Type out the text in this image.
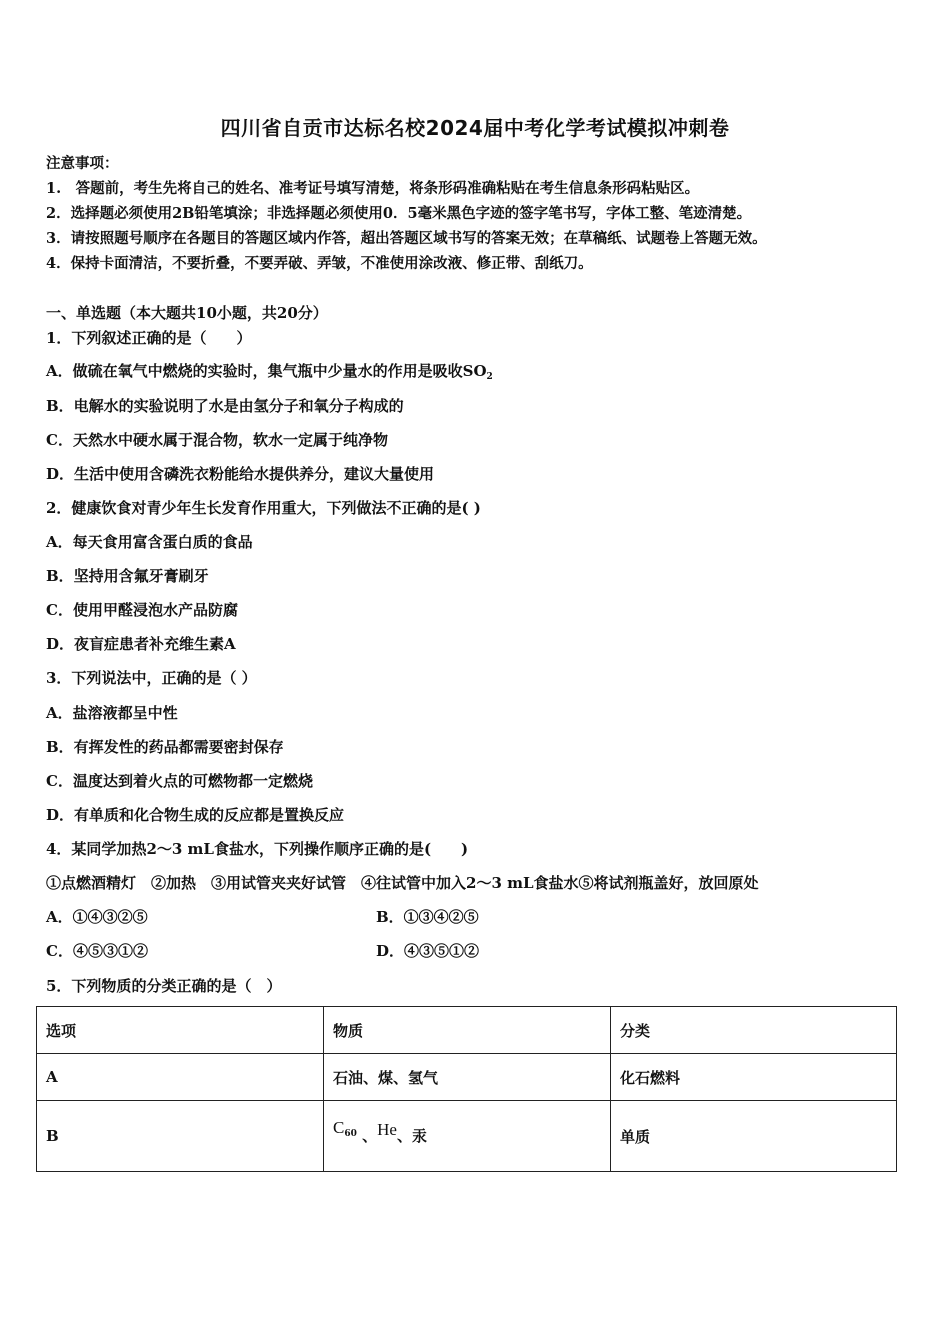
四川省自贡市达标名校2024届中考化学考试模拟冲刺卷
注意事项：
1.　答题前，考生先将自己的姓名、准考证号填写清楚，将条形码准确粘贴在考生信息条形码粘贴区。
2．选择题必须使用2B铅笔填涂；非选择题必须使用0．5毫米黑色字迹的签字笔书写，字体工整、笔迹清楚。
3．请按照题号顺序在各题目的答题区域内作答，超出答题区域书写的答案无效；在草稿纸、试题卷上答题无效。
4．保持卡面清洁，不要折叠，不要弄破、弄皱，不准使用涂改液、修正带、刮纸刀。
一、单选题（本大题共10小题，共20分）
1．下列叙述正确的是（　　）
A．做硫在氧气中燃烧的实验时，集气瓶中少量水的作用是吸收$SO_2$
B．电解水的实验说明了水是由氢分子和氧分子构成的
C．天然水中硬水属于混合物，软水一定属于纯净物
D．生活中使用含磷洗衣粉能给水提供养分，建议大量使用
2．健康饮食对青少年生长发育作用重大，下列做法不正确的是( )
A．每天食用富含蛋白质的食品
B．坚持用含氟牙膏刷牙
C．使用甲醛浸泡水产品防腐
D．夜盲症患者补充维生素A
3．下列说法中，正确的是（ ）
A．盐溶液都呈中性
B．有挥发性的药品都需要密封保存
C．温度达到着火点的可燃物都一定燃烧
D．有单质和化合物生成的反应都是置换反应
4．某同学加热2～3 mL食盐水，下列操作顺序正确的是(　　)
①点燃酒精灯　②加热　③用试管夹夹好试管　④往试管中加入2～3 mL食盐水⑤将试剂瓶盖好，放回原处
A．①④③②⑤	B．①③④②⑤
C．④⑤③①②	D．④③⑤①②
5．下列物质的分类正确的是（　）
选项	物质	分类
A	石油、煤、氢气	化石燃料
B	$C_{60}$ 、He、汞	单质
